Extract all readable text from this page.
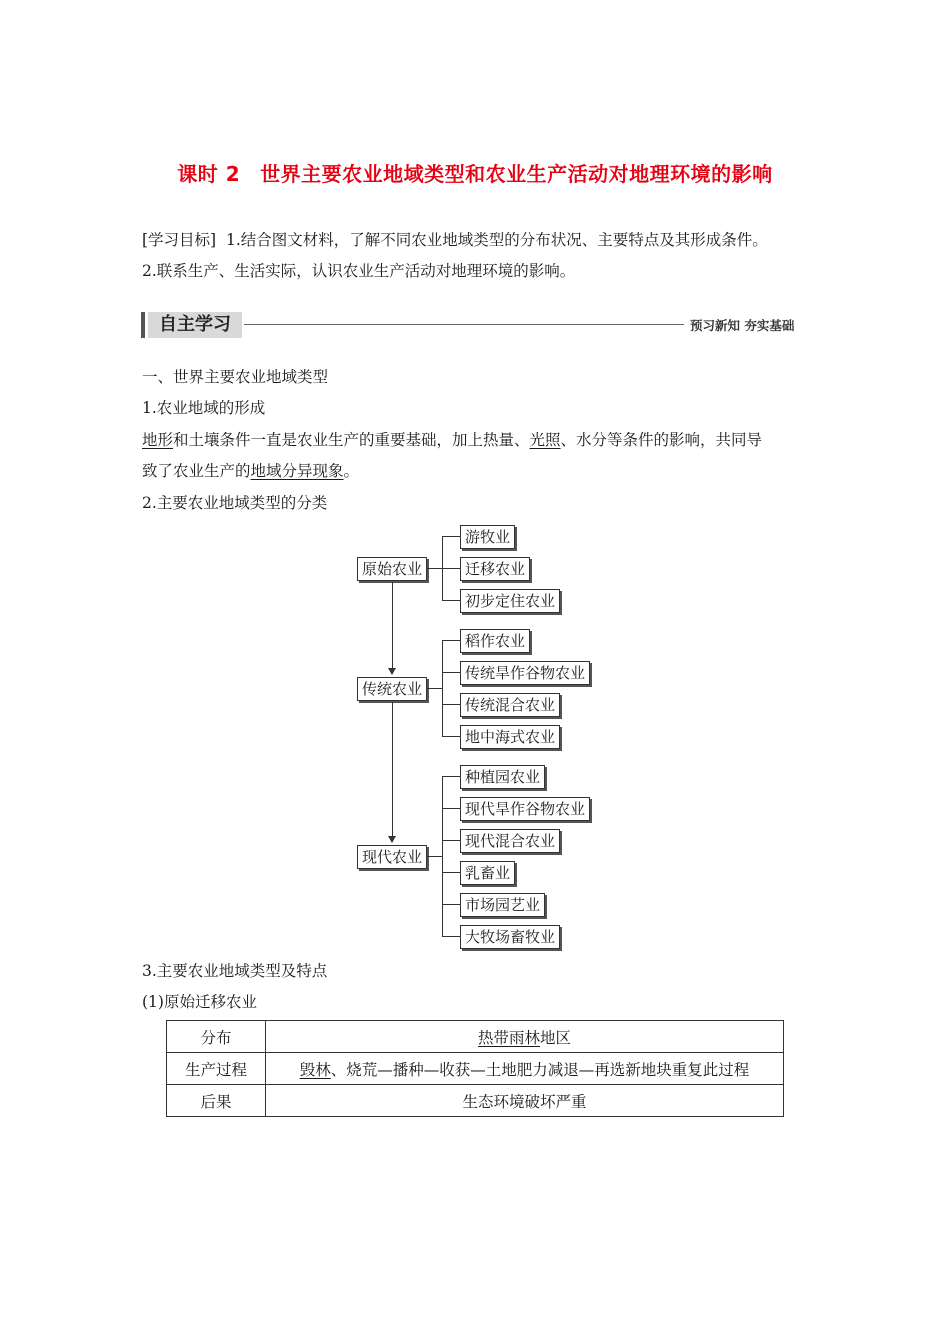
课时 2 世界主要农业地域类型和农业生产活动对地理环境的影响
[学习目标] 1.结合图文材料，了解不同农业地域类型的分布状况、主要特点及其形成条件。
2.联系生产、生活实际，认识农业生产活动对地理环境的影响。
自主学习	预习新知 夯实基础
一、世界主要农业地域类型
1.农业地域的形成
地形和土壤条件一直是农业生产的重要基础，加上热量、光照、水分等条件的影响，共同导
致了农业生产的地域分异现象。
2.主要农业地域类型的分类
原始农业
传统农业
现代农业
游牧业
迁移农业
初步定住农业
稻作农业
传统旱作谷物农业
传统混合农业
地中海式农业
种植园农业
现代旱作谷物农业
现代混合农业
乳畜业
市场园艺业
大牧场畜牧业
3.主要农业地域类型及特点
(1)原始迁移农业
分布	热带雨林地区
生产过程	毁林、烧荒—播种—收获—土地肥力减退—再选新地块重复此过程
后果	生态环境破坏严重
